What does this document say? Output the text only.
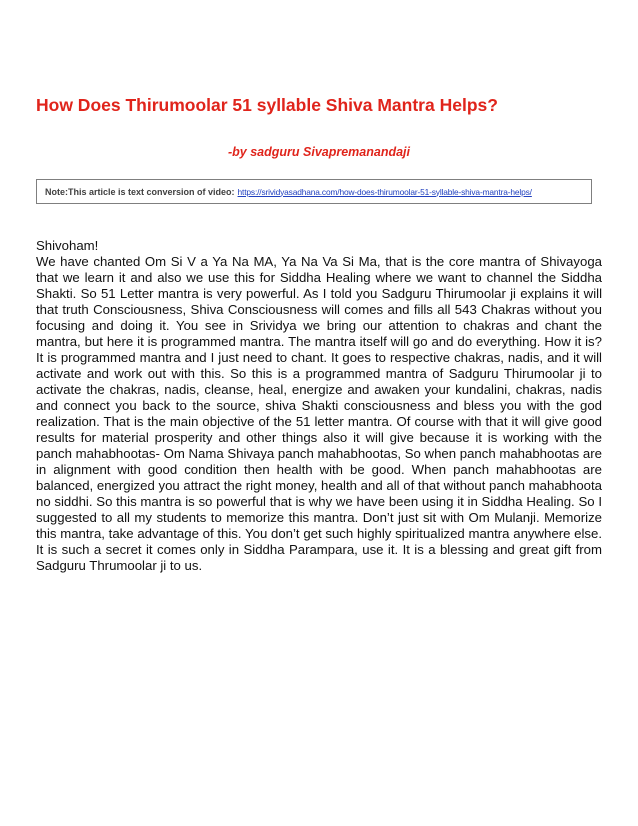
How Does Thirumoolar 51 syllable Shiva Mantra Helps?
-by sadguru Sivapremanandaji
Note:This article is text conversion of video: https://srividyasadhana.com/how-does-thirumoolar-51-syllable-shiva-mantra-helps/
Shivoham!
We have chanted Om Si V a Ya Na MA, Ya Na Va Si Ma, that is the core mantra of Shivayoga that we learn it and also we use this for Siddha Healing where we want to channel the Siddha Shakti. So 51 Letter mantra is very powerful. As I told you Sadguru Thirumoolar ji explains it will that truth Consciousness, Shiva Consciousness will comes and fills all 543 Chakras without you focusing and doing it. You see in Srividya we bring our attention to chakras and chant the mantra, but here it is programmed mantra. The mantra itself will go and do everything. How it is? It is programmed mantra and I just need to chant. It goes to respective chakras, nadis, and it will activate and work out with this. So this is a programmed mantra of Sadguru Thirumoolar ji to activate the chakras, nadis, cleanse, heal, energize and awaken your kundalini, chakras, nadis and connect you back to the source, shiva Shakti consciousness and bless you with the god realization. That is the main objective of the 51 letter mantra. Of course with that it will give good results for material prosperity and other things also it will give because it is working with the panch mahabhootas- Om Nama Shivaya panch mahabhootas, So when panch mahabhootas are in alignment with good condition then health with be good. When panch mahabhootas are balanced, energized you attract the right money, health and all of that without panch mahabhoota no siddhi. So this mantra is so powerful that is why we have been using it in Siddha Healing. So I suggested to all my students to memorize this mantra. Don’t just sit with Om Mulanji. Memorize this mantra, take advantage of this. You don’t get such highly spiritualized mantra anywhere else. It is such a secret it comes only in Siddha Parampara, use it. It is a blessing and great gift from Sadguru Thrumoolar ji to us.
